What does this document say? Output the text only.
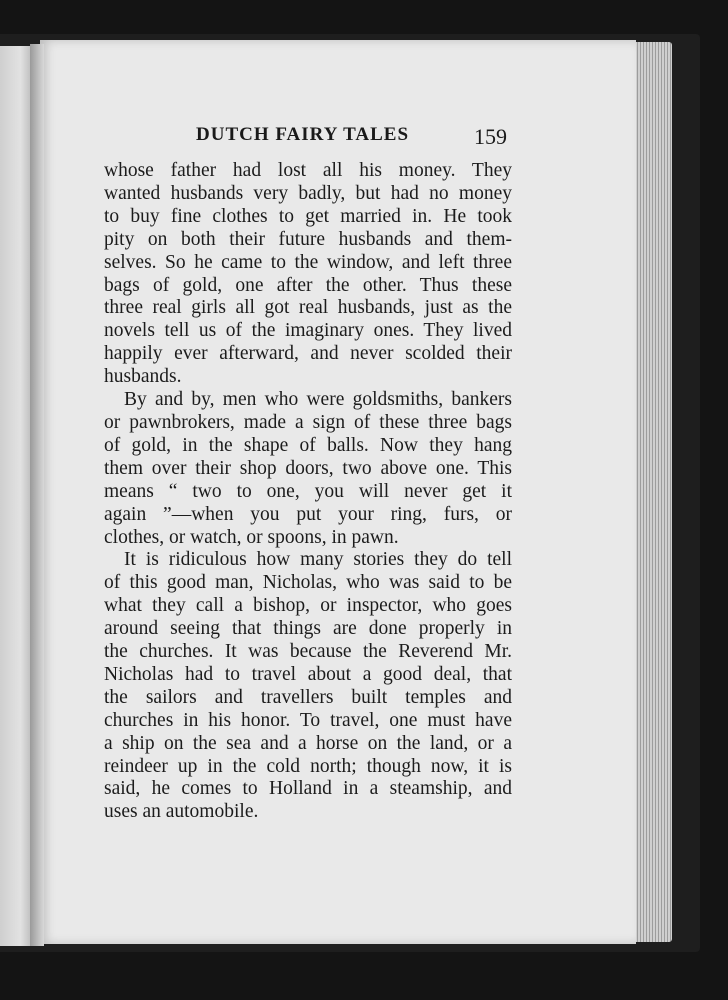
DUTCH FAIRY TALES	159
whose father had lost all his money. They
wanted husbands very badly, but had no money
to buy fine clothes to get married in. He took
pity on both their future husbands and them-
selves. So he came to the window, and left three
bags of gold, one after the other. Thus these
three real girls all got real husbands, just as the
novels tell us of the imaginary ones. They lived
happily ever afterward, and never scolded their
husbands.
By and by, men who were goldsmiths, bankers
or pawnbrokers, made a sign of these three bags
of gold, in the shape of balls. Now they hang
them over their shop doors, two above one. This
means “ two to one, you will never get it
again ”—when you put your ring, furs, or
clothes, or watch, or spoons, in pawn.
It is ridiculous how many stories they do tell
of this good man, Nicholas, who was said to be
what they call a bishop, or inspector, who goes
around seeing that things are done properly in
the churches. It was because the Reverend Mr.
Nicholas had to travel about a good deal, that
the sailors and travellers built temples and
churches in his honor. To travel, one must have
a ship on the sea and a horse on the land, or a
reindeer up in the cold north; though now, it is
said, he comes to Holland in a steamship, and
uses an automobile.
